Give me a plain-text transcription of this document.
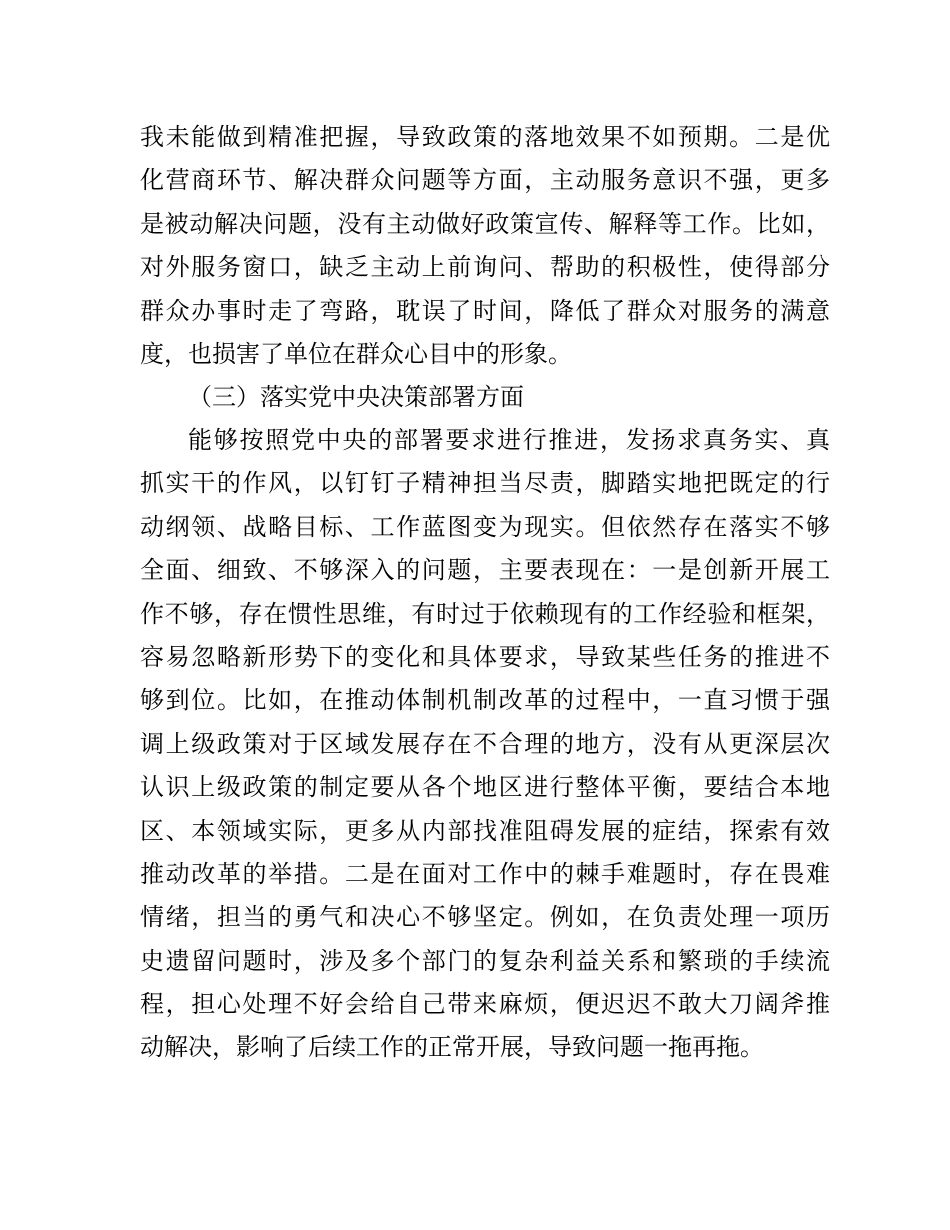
我未能做到精准把握，导致政策的落地效果不如预期。二是优
化营商环节、解决群众问题等方面，主动服务意识不强，更多
是被动解决问题，没有主动做好政策宣传、解释等工作。比如，
对外服务窗口，缺乏主动上前询问、帮助的积极性，使得部分
群众办事时走了弯路，耽误了时间，降低了群众对服务的满意
度，也损害了单位在群众心目中的形象。
（三）落实党中央决策部署方面
能够按照党中央的部署要求进行推进，发扬求真务实、真
抓实干的作风，以钉钉子精神担当尽责，脚踏实地把既定的行
动纲领、战略目标、工作蓝图变为现实。但依然存在落实不够
全面、细致、不够深入的问题，主要表现在：一是创新开展工
作不够，存在惯性思维，有时过于依赖现有的工作经验和框架，
容易忽略新形势下的变化和具体要求，导致某些任务的推进不
够到位。比如，在推动体制机制改革的过程中，一直习惯于强
调上级政策对于区域发展存在不合理的地方，没有从更深层次
认识上级政策的制定要从各个地区进行整体平衡，要结合本地
区、本领域实际，更多从内部找准阻碍发展的症结，探索有效
推动改革的举措。二是在面对工作中的棘手难题时，存在畏难
情绪，担当的勇气和决心不够坚定。例如，在负责处理一项历
史遗留问题时，涉及多个部门的复杂利益关系和繁琐的手续流
程，担心处理不好会给自己带来麻烦，便迟迟不敢大刀阔斧推
动解决，影响了后续工作的正常开展，导致问题一拖再拖。
